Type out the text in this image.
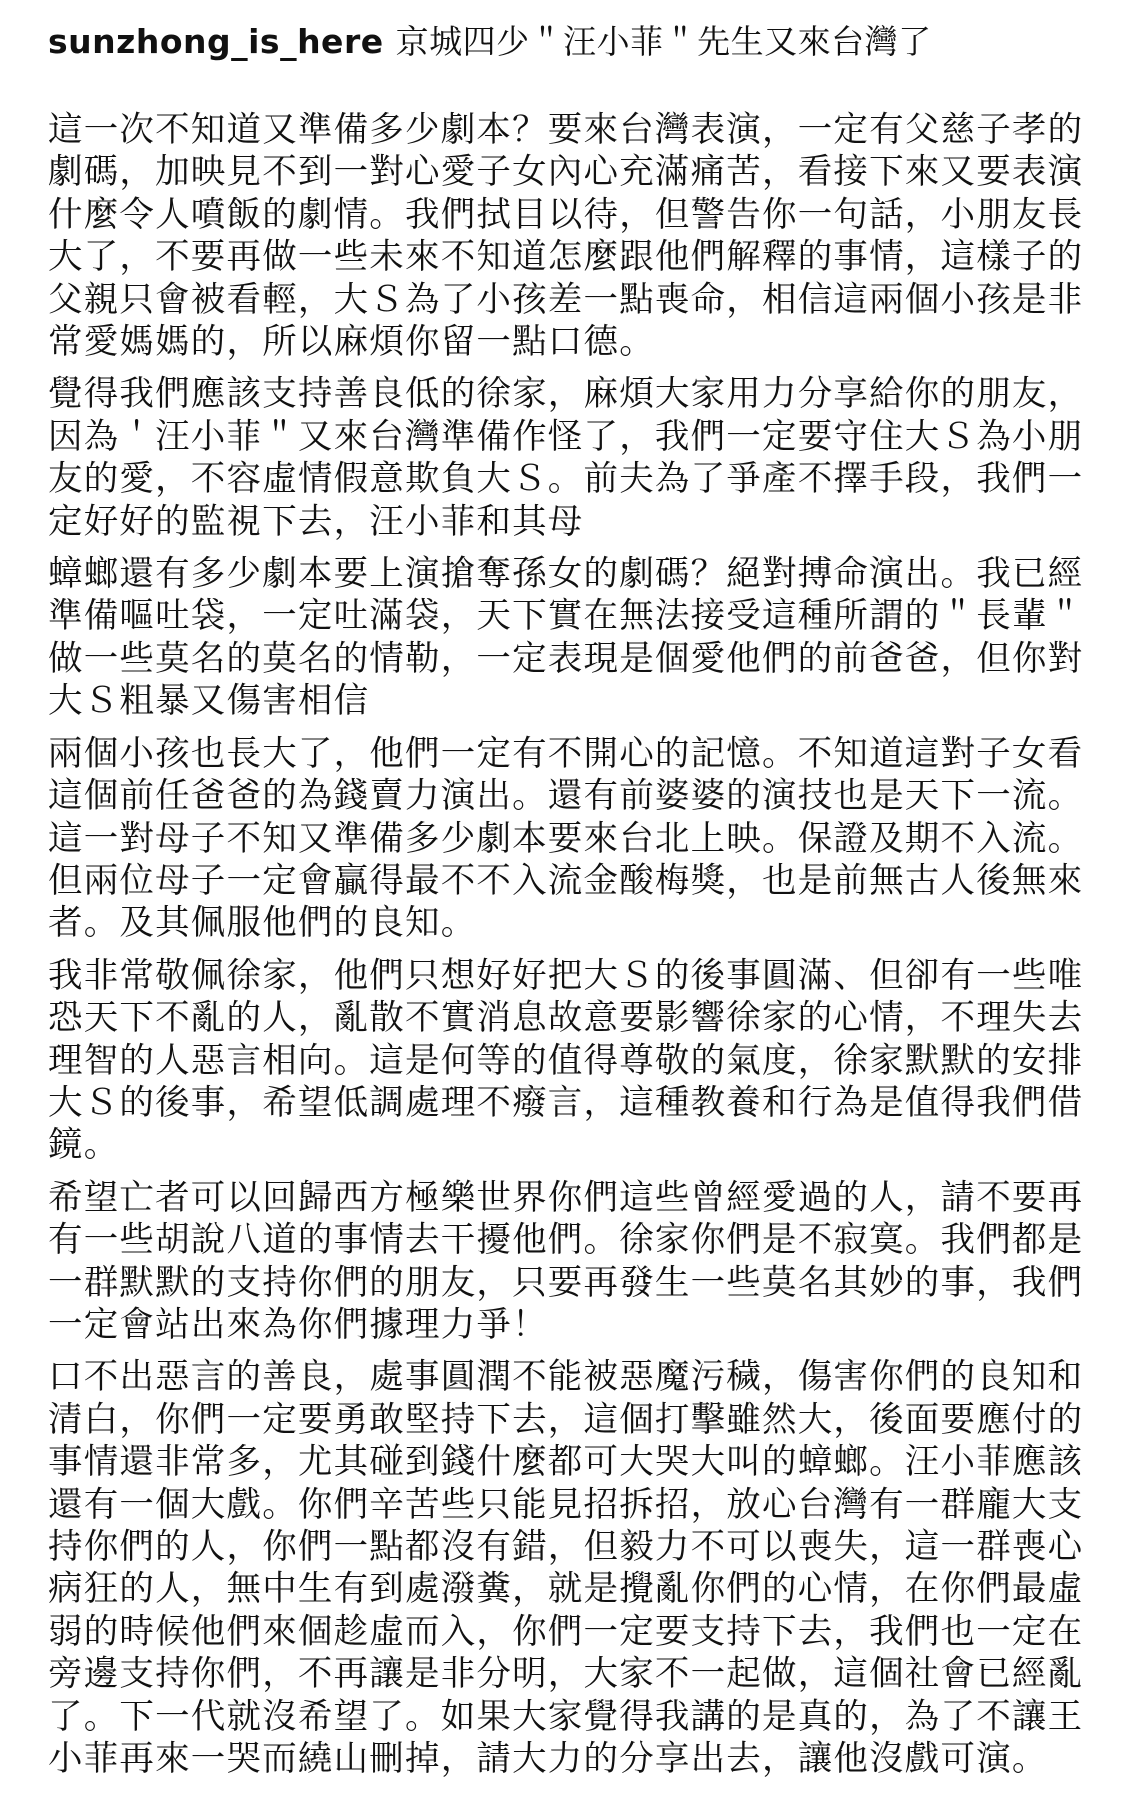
sunzhong_is_here 京城四少＂汪小菲＂先生又來台灣了

這一次不知道又準備多少劇本？要來台灣表演，一定有父慈子孝的劇碼，加映見不到一對心愛子女內心充滿痛苦，看接下來又要表演什麼令人噴飯的劇情。我們拭目以待，但警告你一句話，小朋友長大了，不要再做一些未來不知道怎麼跟他們解釋的事情，這樣子的父親只會被看輕，大Ｓ為了小孩差一點喪命，相信這兩個小孩是非常愛媽媽的，所以麻煩你留一點口德。

覺得我們應該支持善良低的徐家，麻煩大家用力分享給你的朋友，因為＇汪小菲＂又來台灣準備作怪了，我們一定要守住大Ｓ為小朋友的愛，不容虛情假意欺負大Ｓ。前夫為了爭產不擇手段，我們一定好好的監視下去，汪小菲和其母

蟑螂還有多少劇本要上演搶奪孫女的劇碼？絕對搏命演出。我已經準備嘔吐袋，一定吐滿袋，天下實在無法接受這種所謂的＂長輩＂做一些莫名的莫名的情勒，一定表現是個愛他們的前爸爸，但你對大Ｓ粗暴又傷害相信

兩個小孩也長大了，他們一定有不開心的記憶。不知道這對子女看這個前任爸爸的為錢賣力演出。還有前婆婆的演技也是天下一流。這一對母子不知又準備多少劇本要來台北上映。保證及期不入流。但兩位母子一定會贏得最不不入流金酸梅獎，也是前無古人後無來者。及其佩服他們的良知。

我非常敬佩徐家，他們只想好好把大Ｓ的後事圓滿、但卻有一些唯恐天下不亂的人，亂散不實消息故意要影響徐家的心情，不理失去理智的人惡言相向。這是何等的值得尊敬的氣度，徐家默默的安排大Ｓ的後事，希望低調處理不癈言，這種教養和行為是值得我們借鏡。

希望亡者可以回歸西方極樂世界你們這些曾經愛過的人，請不要再有一些胡說八道的事情去干擾他們。徐家你們是不寂寞。我們都是一群默默的支持你們的朋友，只要再發生一些莫名其妙的事，我們一定會站出來為你們據理力爭！

口不出惡言的善良，處事圓潤不能被惡魔污穢，傷害你們的良知和清白，你們一定要勇敢堅持下去，這個打擊雖然大，後面要應付的事情還非常多，尤其碰到錢什麼都可大哭大叫的蟑螂。汪小菲應該還有一個大戲。你們辛苦些只能見招拆招，放心台灣有一群龐大支持你們的人，你們一點都沒有錯，但毅力不可以喪失，這一群喪心病狂的人，無中生有到處潑糞，就是攪亂你們的心情，在你們最虛弱的時候他們來個趁虛而入，你們一定要支持下去，我們也一定在旁邊支持你們，不再讓是非分明，大家不一起做，這個社會已經亂了。下一代就沒希望了。如果大家覺得我講的是真的，為了不讓王小菲再來一哭而繞山刪掉，請大力的分享出去，讓他沒戲可演。
